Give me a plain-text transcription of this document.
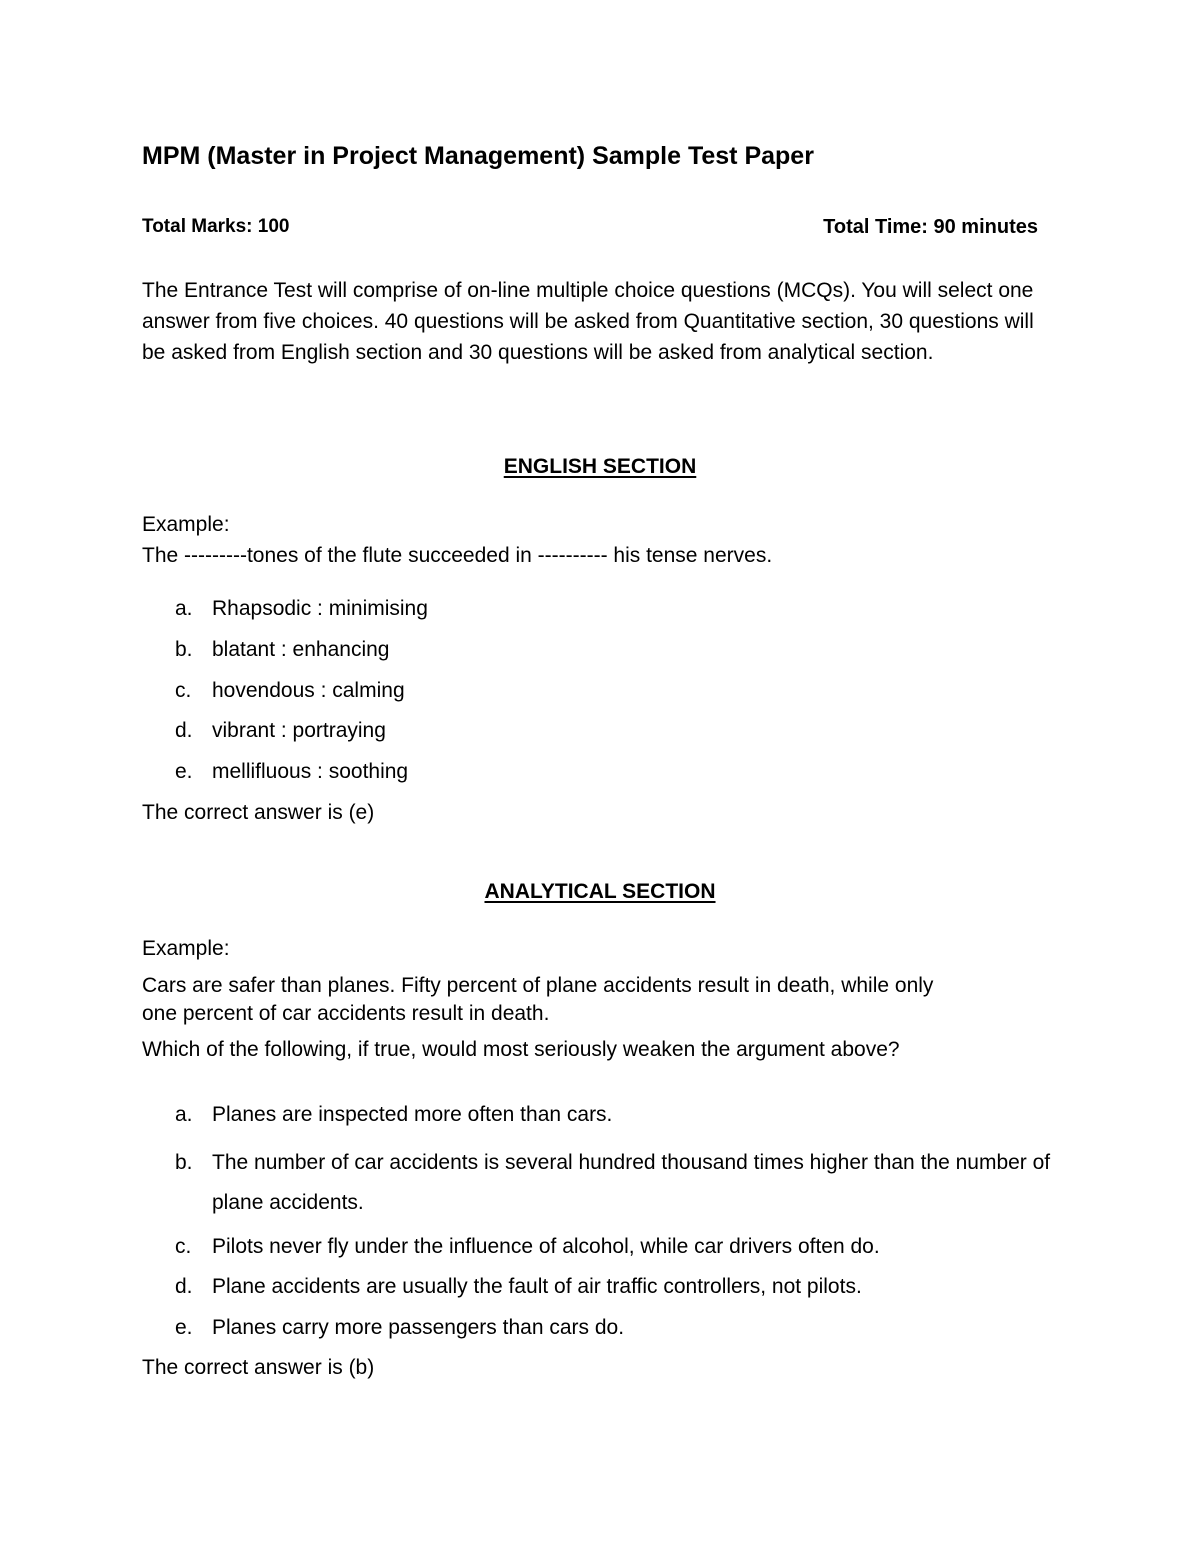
MPM (Master in Project Management) Sample Test Paper
Total Marks: 100	Total Time: 90 minutes
The Entrance Test will comprise of on-line multiple choice questions (MCQs). You will select one answer from five choices. 40 questions will be asked from Quantitative section, 30 questions will be asked from English section and 30 questions will be asked from analytical section.
ENGLISH SECTION
Example:
The ---------tones of the flute succeeded in ---------- his tense nerves.
a. Rhapsodic : minimising
b. blatant : enhancing
c. hovendous : calming
d. vibrant : portraying
e. mellifluous : soothing
The correct answer is (e)
ANALYTICAL SECTION
Example:
Cars are safer than planes. Fifty percent of plane accidents result in death, while only
one percent of car accidents result in death.
Which of the following, if true, would most seriously weaken the argument above?
a. Planes are inspected more often than cars.
b. The number of car accidents is several hundred thousand times higher than the number of plane accidents.
c. Pilots never fly under the influence of alcohol, while car drivers often do.
d. Plane accidents are usually the fault of air traffic controllers, not pilots.
e. Planes carry more passengers than cars do.
The correct answer is (b)
